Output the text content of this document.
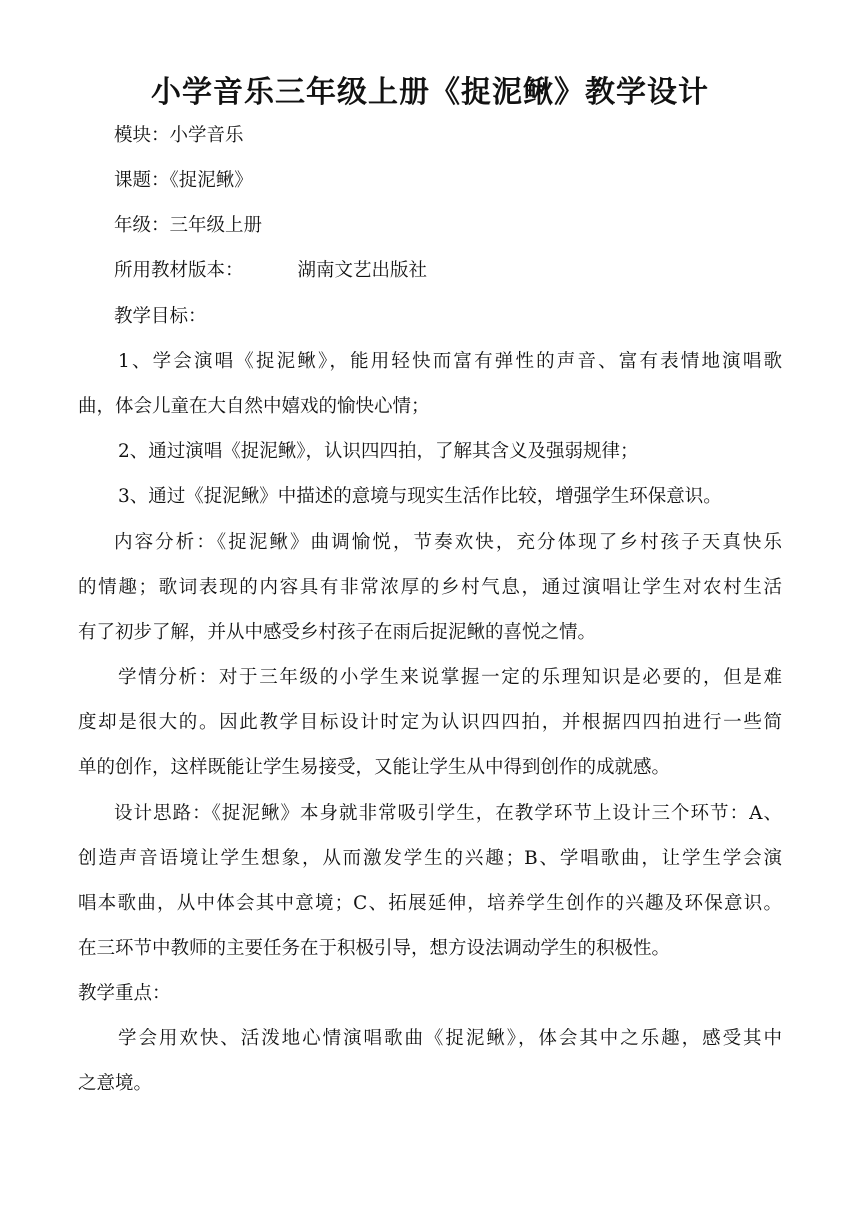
小学音乐三年级上册《捉泥鳅》教学设计
模块：小学音乐
课题：《捉泥鳅》
年级：三年级上册
所用教材版本：	湖南文艺出版社
教学目标：
1、学会演唱《捉泥鳅》，能用轻快而富有弹性的声音、富有表情地演唱歌
曲，体会儿童在大自然中嬉戏的愉快心情；
2、通过演唱《捉泥鳅》，认识四四拍，了解其含义及强弱规律；
3、通过《捉泥鳅》中描述的意境与现实生活作比较，增强学生环保意识。
内容分析：《捉泥鳅》曲调愉悦，节奏欢快，充分体现了乡村孩子天真快乐
的情趣；歌词表现的内容具有非常浓厚的乡村气息，通过演唱让学生对农村生活
有了初步了解，并从中感受乡村孩子在雨后捉泥鳅的喜悦之情。
学情分析：对于三年级的小学生来说掌握一定的乐理知识是必要的，但是难
度却是很大的。因此教学目标设计时定为认识四四拍，并根据四四拍进行一些简
单的创作，这样既能让学生易接受，又能让学生从中得到创作的成就感。
设计思路：《捉泥鳅》本身就非常吸引学生，在教学环节上设计三个环节：A、
创造声音语境让学生想象，从而激发学生的兴趣；B、学唱歌曲，让学生学会演
唱本歌曲，从中体会其中意境；C、拓展延伸，培养学生创作的兴趣及环保意识。
在三环节中教师的主要任务在于积极引导，想方设法调动学生的积极性。
教学重点：
学会用欢快、活泼地心情演唱歌曲《捉泥鳅》，体会其中之乐趣，感受其中
之意境。
